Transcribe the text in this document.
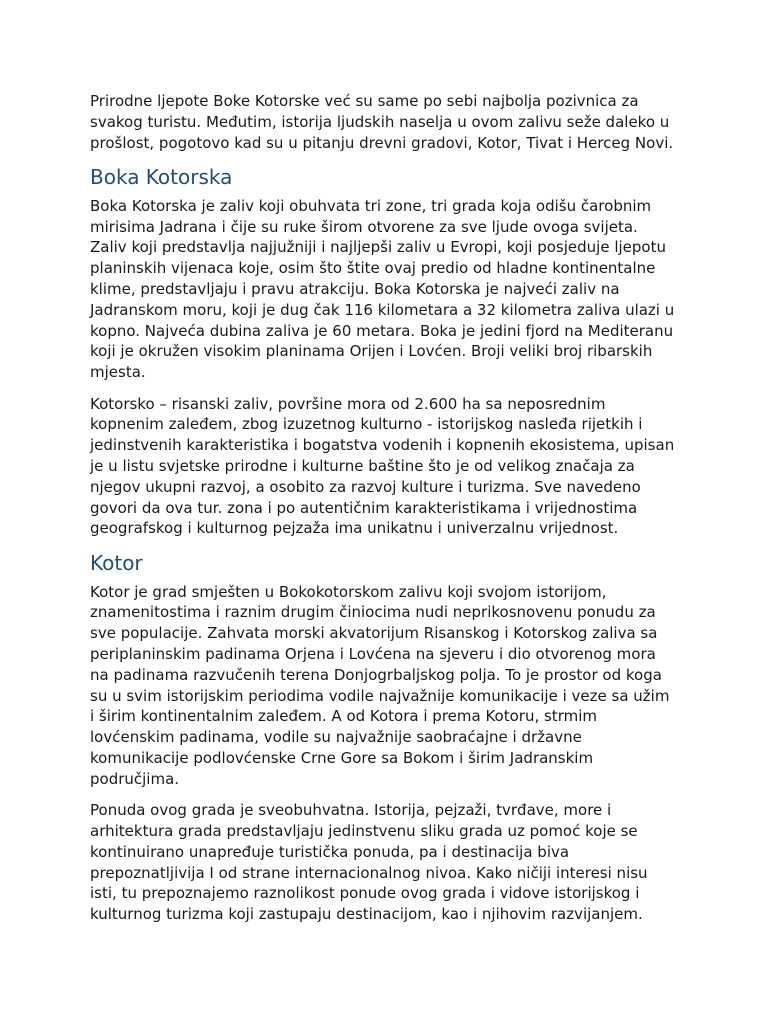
Prirodne ljepote Boke Kotorske već su same po sebi najbolja pozivnica za
svakog turistu. Međutim, istorija ljudskih naselja u ovom zalivu seže daleko u
prošlost, pogotovo kad su u pitanju drevni gradovi, Kotor, Tivat i Herceg Novi.

Boka Kotorska

Boka Kotorska je zaliv koji obuhvata tri zone, tri grada koja odišu čarobnim
mirisima Jadrana i čije su ruke širom otvorene za sve ljude ovoga svijeta.
Zaliv koji predstavlja najjužniji i najljepši zaliv u Evropi, koji posjeduje ljepotu
planinskih vijenaca koje, osim što štite ovaj predio od hladne kontinentalne
klime, predstavljaju i pravu atrakciju. Boka Kotorska je najveći zaliv na
Jadranskom moru, koji je dug čak 116 kilometara a 32 kilometra zaliva ulazi u
kopno. Najveća dubina zaliva je 60 metara. Boka je jedini fjord na Mediteranu
koji je okružen visokim planinama Orijen i Lovćen. Broji veliki broj ribarskih
mjesta.

Kotorsko – risanski zaliv, površine mora od 2.600 ha sa neposrednim
kopnenim zaleđem, zbog izuzetnog kulturno - istorijskog nasleđa rijetkih i
jedinstvenih karakteristika i bogatstva vodenih i kopnenih ekosistema, upisan
je u listu svjetske prirodne i kulturne baštine što je od velikog značaja za
njegov ukupni razvoj, a osobito za razvoj kulture i turizma. Sve navedeno
govori da ova tur. zona i po autentičnim karakteristikama i vrijednostima
geografskog i kulturnog pejzaža ima unikatnu i univerzalnu vrijednost.

Kotor

Kotor je grad smješten u Bokokotorskom zalivu koji svojom istorijom,
znamenitostima i raznim drugim činiocima nudi neprikosnovenu ponudu za
sve populacije. Zahvata morski akvatorijum Risanskog i Kotorskog zaliva sa
periplaninskim padinama Orjena i Lovćena na sjeveru i dio otvorenog mora
na padinama razvučenih terena Donjogrbaljskog polja. To je prostor od koga
su u svim istorijskim periodima vodile najvažnije komunikacije i veze sa užim
i širim kontinentalnim zaleđem. A od Kotora i prema Kotoru, strmim
lovćenskim padinama, vodile su najvažnije saobraćajne i državne
komunikacije podlovćenske Crne Gore sa Bokom i širim Jadranskim
područjima.

Ponuda ovog grada je sveobuhvatna. Istorija, pejzaži, tvrđave, more i
arhitektura grada predstavljaju jedinstvenu sliku grada uz pomoć koje se
kontinuirano unapređuje turistička ponuda, pa i destinacija biva
prepoznatljivija I od strane internacionalnog nivoa. Kako ničiji interesi nisu
isti, tu prepoznajemo raznolikost ponude ovog grada i vidove istorijskog i
kulturnog turizma koji zastupaju destinacijom, kao i njihovim razvijanjem.
